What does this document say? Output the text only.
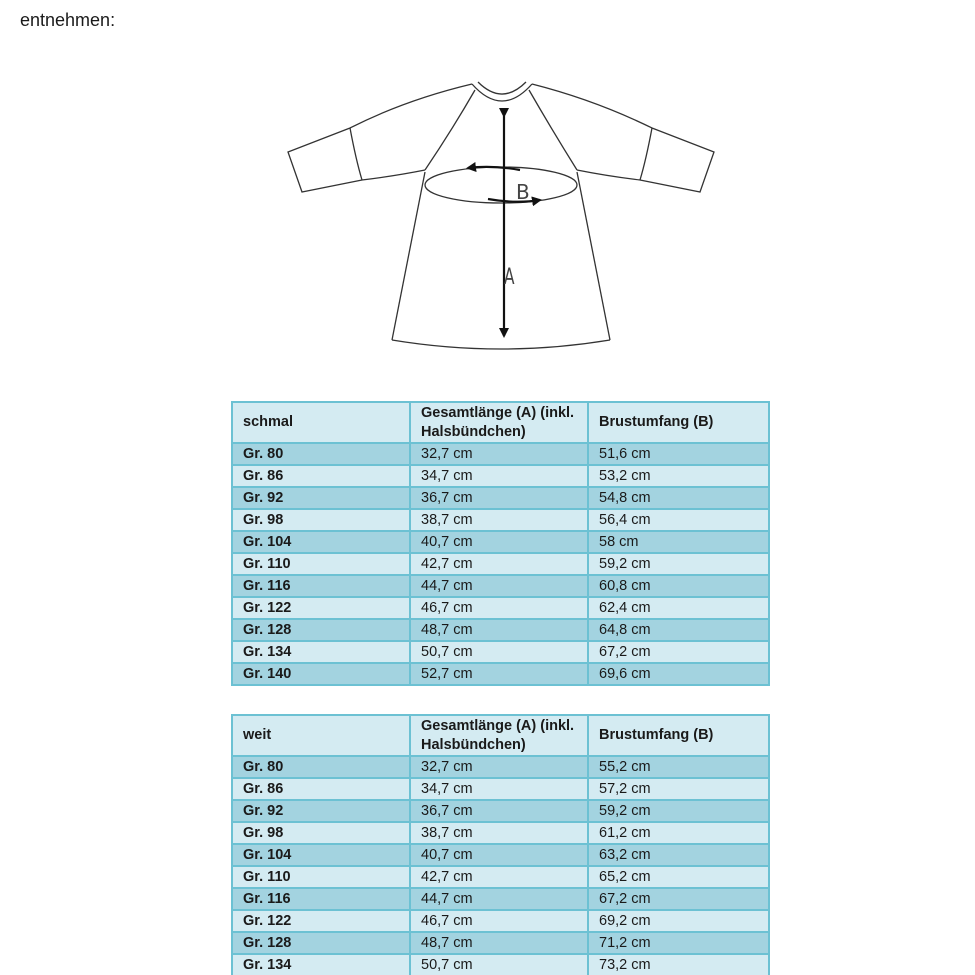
entnehmen:

A
B
schmal	Gesamtlänge (A) (inkl. Halsbündchen)	Brustumfang (B)
Gr. 80	32,7 cm	51,6 cm
Gr. 86	34,7 cm	53,2 cm
Gr. 92	36,7 cm	54,8 cm
Gr. 98	38,7 cm	56,4 cm
Gr. 104	40,7 cm	58 cm
Gr. 110	42,7 cm	59,2 cm
Gr. 116	44,7 cm	60,8 cm
Gr. 122	46,7 cm	62,4 cm
Gr. 128	48,7 cm	64,8 cm
Gr. 134	50,7 cm	67,2 cm
Gr. 140	52,7 cm	69,6 cm
weit	Gesamtlänge (A) (inkl. Halsbündchen)	Brustumfang (B)
Gr. 80	32,7 cm	55,2 cm
Gr. 86	34,7 cm	57,2 cm
Gr. 92	36,7 cm	59,2 cm
Gr. 98	38,7 cm	61,2 cm
Gr. 104	40,7 cm	63,2 cm
Gr. 110	42,7 cm	65,2 cm
Gr. 116	44,7 cm	67,2 cm
Gr. 122	46,7 cm	69,2 cm
Gr. 128	48,7 cm	71,2 cm
Gr. 134	50,7 cm	73,2 cm
